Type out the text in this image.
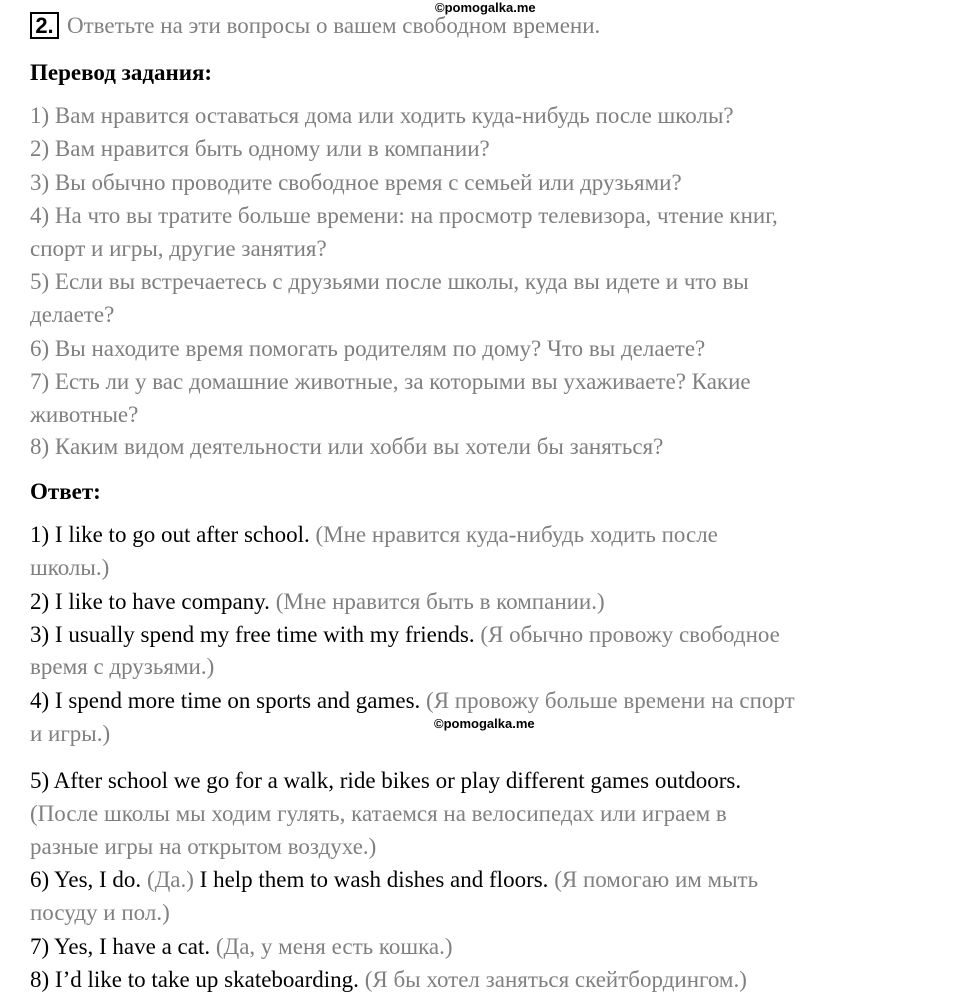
©pomogalka.me
2. Ответьте на эти вопросы о вашем свободном времени.
Перевод задания:
1) Вам нравится оставаться дома или ходить куда-нибудь после школы?
2) Вам нравится быть одному или в компании?
3) Вы обычно проводите свободное время с семьей или друзьями?
4) На что вы тратите больше времени: на просмотр телевизора, чтение книг,
спорт и игры, другие занятия?
5) Если вы встречаетесь с друзьями после школы, куда вы идете и что вы
делаете?
6) Вы находите время помогать родителям по дому? Что вы делаете?
7) Есть ли у вас домашние животные, за которыми вы ухаживаете? Какие
животные?
8) Каким видом деятельности или хобби вы хотели бы заняться?
Ответ:
1) I like to go out after school. (Мне нравится куда-нибудь ходить после
школы.)
2) I like to have company. (Мне нравится быть в компании.)
3) I usually spend my free time with my friends. (Я обычно провожу свободное
время с друзьями.)
4) I spend more time on sports and games. (Я провожу больше времени на спорт
и игры.)
5) After school we go for a walk, ride bikes or play different games outdoors.
(После школы мы ходим гулять, катаемся на велосипедах или играем в
разные игры на открытом воздухе.)
6) Yes, I do. (Да.) I help them to wash dishes and floors. (Я помогаю им мыть
посуду и пол.)
7) Yes, I have a cat. (Да, у меня есть кошка.)
8) I’d like to take up skateboarding. (Я бы хотел заняться скейтбордингом.)
©pomogalka.me
